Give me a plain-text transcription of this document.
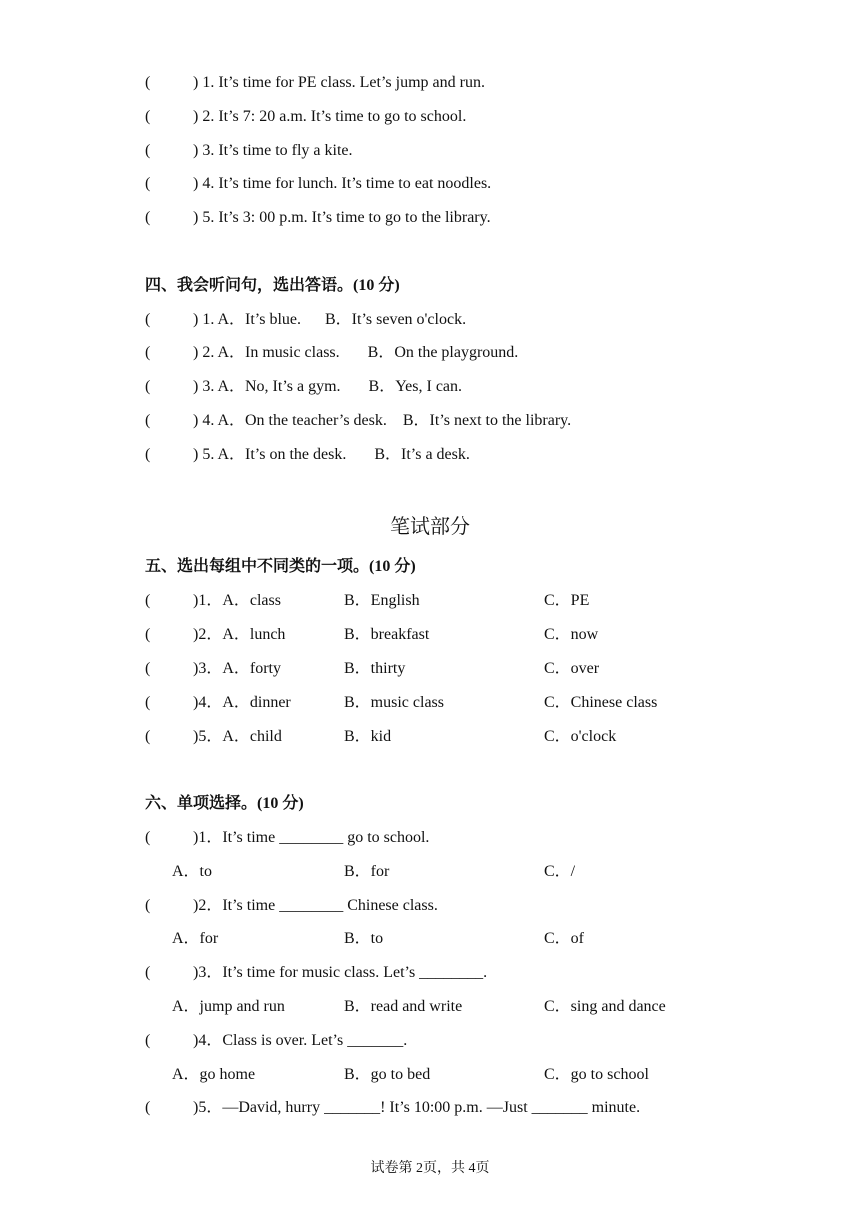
(	) 1. It’s time for PE class. Let’s jump and run.
(	) 2. It’s 7: 20 a.m. It’s time to go to school.
(	) 3. It’s time to fly a kite.
(	) 4. It’s time for lunch. It’s time to eat noodles.
(	) 5. It’s 3: 00 p.m. It’s time to go to the library.
四、我会听问句，选出答语。(10 分)
(	) 1. A．It’s blue.      B．It’s seven o'clock.
(	) 2. A．In music class.       B．On the playground.
(	) 3. A．No, It’s a gym.       B．Yes, I can.
(	) 4. A．On the teacher’s desk.    B．It’s next to the library.
(	) 5. A．It’s on the desk.       B．It’s a desk.
笔试部分
五、选出每组中不同类的一项。(10 分)
(	)1．A．class	B．English	C．PE
(	)2．A．lunch	B．breakfast	C．now
(	)3．A．forty	B．thirty	C．over
(	)4．A．dinner	B．music class	C．Chinese class
(	)5．A．child	B．kid	C．o'clock
六、单项选择。(10 分)
(	)1．It’s time ________ go to school.
A．to	B．for	C．/
(	)2．It’s time ________ Chinese class.
A．for	B．to	C．of
(	)3．It’s time for music class. Let’s ________.
A．jump and run	B．read and write	C．sing and dance
(	)4．Class is over. Let’s _______.
A．go home	B．go to bed	C．go to school
(	)5．—David, hurry _______! It’s 10:00 p.m. —Just _______ minute.
试卷第 2页，共 4页
